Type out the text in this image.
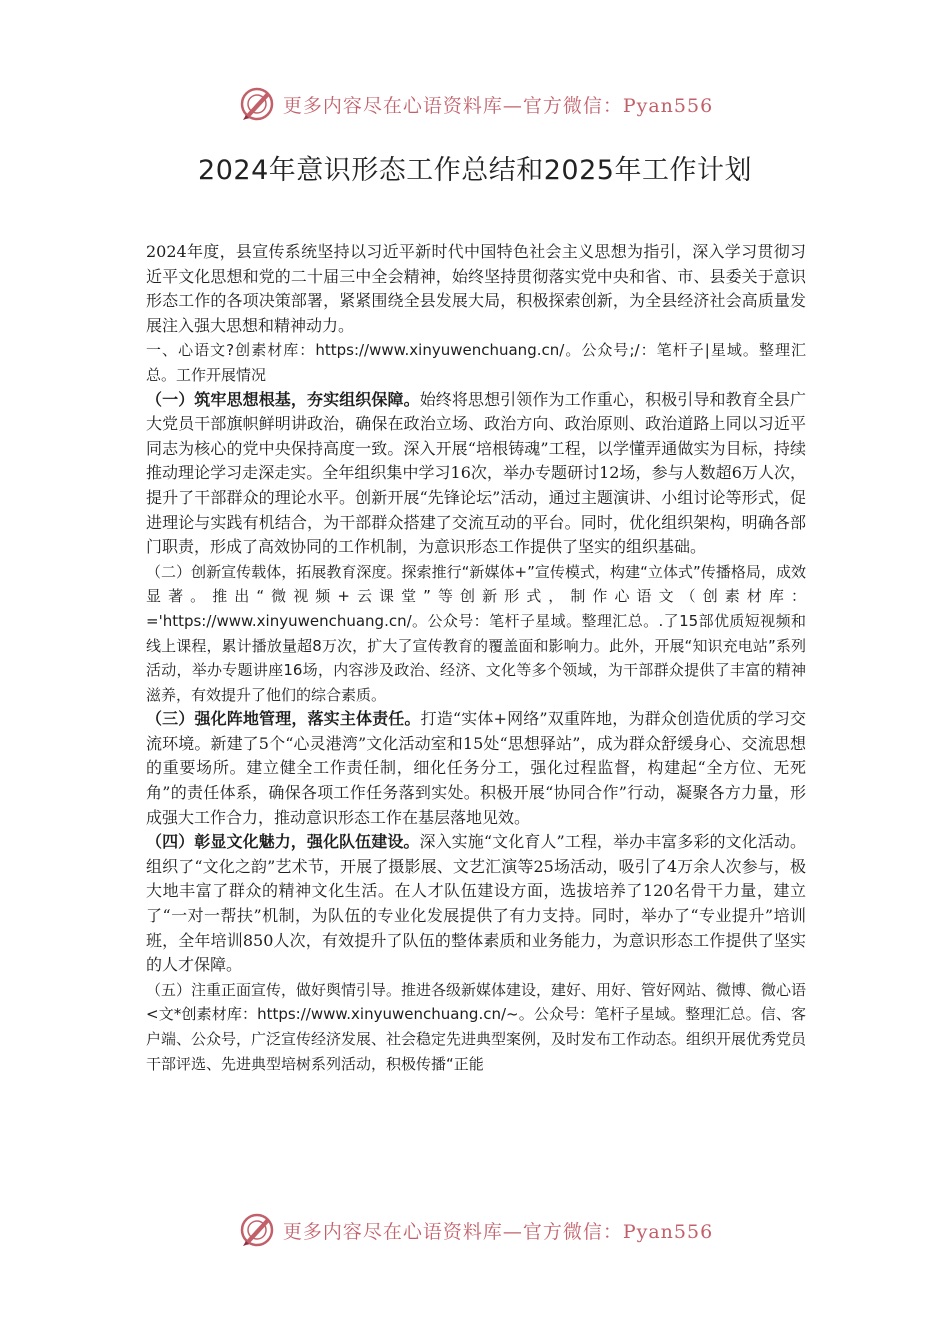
更多内容尽在心语资料库—官方微信：Pyan556
2024年意识形态工作总结和2025年工作计划

2024年度，县宣传系统坚持以习近平新时代中国特色社会主义思想为指引，深入学习贯彻习近平文化思想和党的二十届三中全会精神，始终坚持贯彻落实党中央和省、市、县委关于意识形态工作的各项决策部署，紧紧围绕全县发展大局，积极探索创新，为全县经济社会高质量发展注入强大思想和精神动力。

一、心语文?创素材库：https://www.xinyuwenchuang.cn/。公众号;/：笔杆子|星域。整理汇总。工作开展情况

（一）筑牢思想根基，夯实组织保障。始终将思想引领作为工作重心，积极引导和教育全县广大党员干部旗帜鲜明讲政治，确保在政治立场、政治方向、政治原则、政治道路上同以习近平同志为核心的党中央保持高度一致。深入开展“培根铸魂”工程，以学懂弄通做实为目标，持续推动理论学习走深走实。全年组织集中学习16次，举办专题研讨12场，参与人数超6万人次，提升了干部群众的理论水平。创新开展“先锋论坛”活动，通过主题演讲、小组讨论等形式，促进理论与实践有机结合，为干部群众搭建了交流互动的平台。同时，优化组织架构，明确各部门职责，形成了高效协同的工作机制，为意识形态工作提供了坚实的组织基础。

（二）创新宣传载体，拓展教育深度。探索推行“新媒体+”宣传模式，构建“立体式”传播格局，成效显著。推出“微视频+云课堂”等创新形式，制作心语文（创素材库：='https://www.xinyuwenchuang.cn/。公众号：笔杆子星域。整理汇总。.了15部优质短视频和线上课程，累计播放量超8万次，扩大了宣传教育的覆盖面和影响力。此外，开展“知识充电站”系列活动，举办专题讲座16场，内容涉及政治、经济、文化等多个领域，为干部群众提供了丰富的精神滋养，有效提升了他们的综合素质。

（三）强化阵地管理，落实主体责任。打造“实体+网络”双重阵地，为群众创造优质的学习交流环境。新建了5个“心灵港湾”文化活动室和15处“思想驿站”，成为群众舒缓身心、交流思想的重要场所。建立健全工作责任制，细化任务分工，强化过程监督，构建起“全方位、无死角”的责任体系，确保各项工作任务落到实处。积极开展“协同合作”行动，凝聚各方力量，形成强大工作合力，推动意识形态工作在基层落地见效。

（四）彰显文化魅力，强化队伍建设。深入实施“文化育人”工程，举办丰富多彩的文化活动。组织了“文化之韵”艺术节，开展了摄影展、文艺汇演等25场活动，吸引了4万余人次参与，极大地丰富了群众的精神文化生活。在人才队伍建设方面，选拔培养了120名骨干力量，建立了“一对一帮扶”机制，为队伍的专业化发展提供了有力支持。同时，举办了“专业提升”培训班，全年培训850人次，有效提升了队伍的整体素质和业务能力，为意识形态工作提供了坚实的人才保障。

（五）注重正面宣传，做好舆情引导。推进各级新媒体建设，建好、用好、管好网站、微博、微心语<文*创素材库：https://www.xinyuwenchuang.cn/~。公众号：笔杆子星域。整理汇总。信、客户端、公众号，广泛宣传经济发展、社会稳定先进典型案例，及时发布工作动态。组织开展优秀党员干部评选、先进典型培树系列活动，积极传播“正能

更多内容尽在心语资料库—官方微信：Pyan556
